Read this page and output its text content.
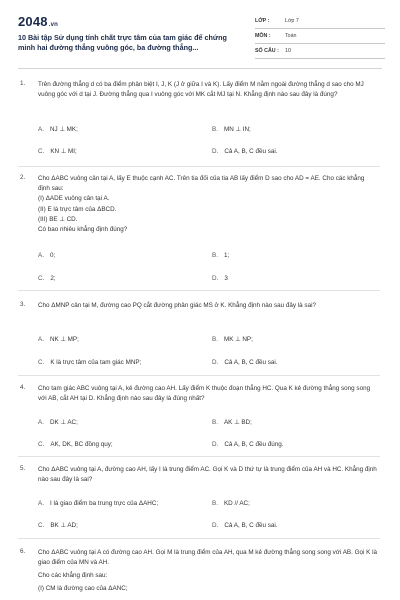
2048.vn
10 Bài tập Sử dụng tính chất trực tâm của tam giác để chứng minh hai đường thẳng vuông góc, ba đường thẳng...
LỚP :	Lớp 7
MÔN :	Toán
SỐ CÂU : 10
1. Trên đường thẳng d có ba điểm phân biệt I, J, K (J ở giữa I và K). Lấy điểm M nằm ngoài đường thẳng d sao cho MJ vuông góc với d tại J. Đường thẳng qua I vuông góc với MK cắt MJ tại N. Khẳng định nào sau đây là đúng?
A. NJ ⊥ MK;	B. MN ⊥ IN;
C. KN ⊥ MI;	D. Cả A, B, C đều sai.
2. Cho ΔABC vuông cân tại A, lấy E thuộc cạnh AC. Trên tia đối của tia AB lấy điểm D sao cho AD = AE. Cho các khẳng định sau:
(I) ΔADE vuông cân tại A.
(II) E là trực tâm của ΔBCD.
(III) BE ⊥ CD.
Có bao nhiêu khẳng định đúng?
A. 0;	B. 1;
C. 2;	D. 3
3. Cho ΔMNP cân tại M, đường cao PQ cắt đường phân giác MS ở K. Khẳng định nào sau đây là sai?
A. NK ⊥ MP;	B. MK ⊥ NP;
C. K là trực tâm của tam giác MNP;	D. Cả A, B, C đều sai.
4. Cho tam giác ABC vuông tại A, kẻ đường cao AH. Lấy điểm K thuộc đoạn thẳng HC. Qua K kẻ đường thẳng song song với AB, cắt AH tại D. Khẳng định nào sau đây là đúng nhất?
A. DK ⊥ AC;	B. AK ⊥ BD;
C. AK, DK, BC đồng quy;	D. Cả A, B, C đều đúng.
5. Cho ΔABC vuông tại A, đường cao AH, lấy I là trung điểm AC. Gọi K và D thứ tự là trung điểm của AH và HC. Khẳng định nào sau đây là sai?
A. I là giao điểm ba trung trực của ΔAHC;	B. KD // AC;
C. BK ⊥ AD;	D. Cả A, B, C đều sai.
6. Cho ΔABC vuông tại A có đường cao AH. Gọi M là trung điểm của AH, qua M kẻ đường thẳng song song với AB. Gọi K là giao điểm của MN và AH.
Cho các khẳng định sau:
(I) CM là đường cao của ΔANC;
